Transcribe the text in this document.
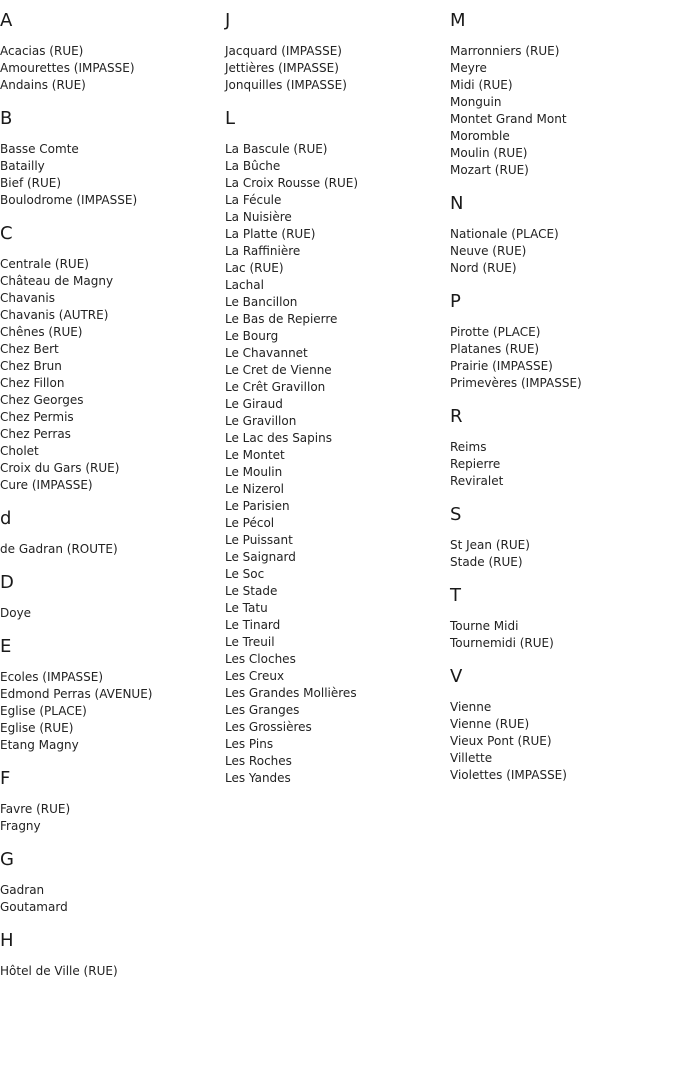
A
Acacias (RUE)
Amourettes (IMPASSE)
Andains (RUE)
B
Basse Comte
Batailly
Bief (RUE)
Boulodrome (IMPASSE)
C
Centrale (RUE)
Château de Magny
Chavanis
Chavanis (AUTRE)
Chênes (RUE)
Chez Bert
Chez Brun
Chez Fillon
Chez Georges
Chez Permis
Chez Perras
Cholet
Croix du Gars (RUE)
Cure (IMPASSE)
d
de Gadran (ROUTE)
D
Doye
E
Ecoles (IMPASSE)
Edmond Perras (AVENUE)
Eglise (PLACE)
Eglise (RUE)
Etang Magny
F
Favre (RUE)
Fragny
G
Gadran
Goutamard
H
Hôtel de Ville (RUE)
J
Jacquard (IMPASSE)
Jettières (IMPASSE)
Jonquilles (IMPASSE)
L
La Bascule (RUE)
La Bûche
La Croix Rousse (RUE)
La Fécule
La Nuisière
La Platte (RUE)
La Raffinière
Lac (RUE)
Lachal
Le Bancillon
Le Bas de Repierre
Le Bourg
Le Chavannet
Le Cret de Vienne
Le Crêt Gravillon
Le Giraud
Le Gravillon
Le Lac des Sapins
Le Montet
Le Moulin
Le Nizerol
Le Parisien
Le Pécol
Le Puissant
Le Saignard
Le Soc
Le Stade
Le Tatu
Le Tinard
Le Treuil
Les Cloches
Les Creux
Les Grandes Mollières
Les Granges
Les Grossières
Les Pins
Les Roches
Les Yandes
M
Marronniers (RUE)
Meyre
Midi (RUE)
Monguin
Montet Grand Mont
Moromble
Moulin (RUE)
Mozart (RUE)
N
Nationale (PLACE)
Neuve (RUE)
Nord (RUE)
P
Pirotte (PLACE)
Platanes (RUE)
Prairie (IMPASSE)
Primevères (IMPASSE)
R
Reims
Repierre
Reviralet
S
St Jean (RUE)
Stade (RUE)
T
Tourne Midi
Tournemidi (RUE)
V
Vienne
Vienne (RUE)
Vieux Pont (RUE)
Villette
Violettes (IMPASSE)
